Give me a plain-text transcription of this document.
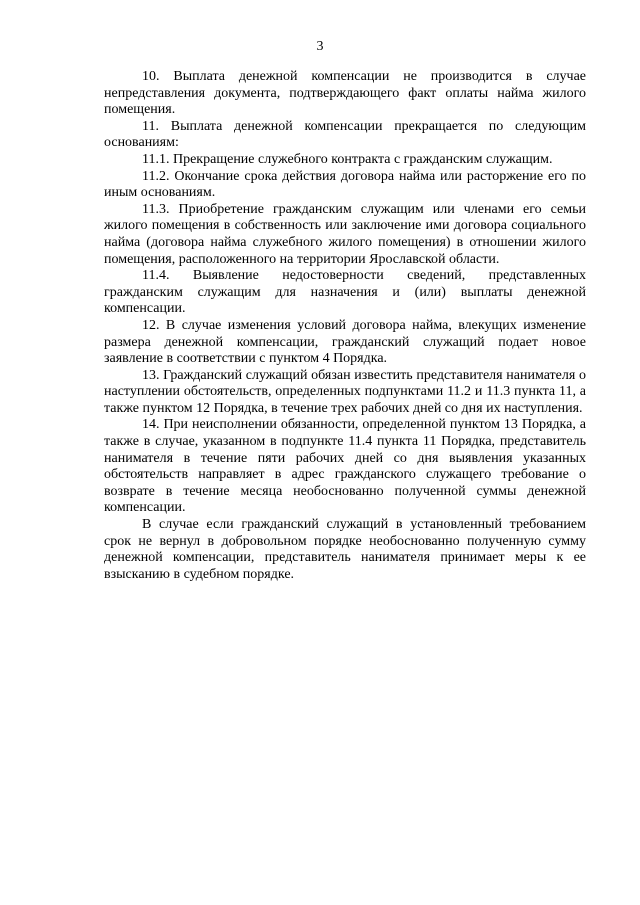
3

10. Выплата денежной компенсации не производится в случае непредставления документа, подтверждающего факт оплаты найма жилого помещения.

11. Выплата денежной компенсации прекращается по следующим основаниям:

11.1. Прекращение служебного контракта с гражданским служащим.

11.2. Окончание срока действия договора найма или расторжение его по иным основаниям.

11.3. Приобретение гражданским служащим или членами его семьи жилого помещения в собственность или заключение ими договора социального найма (договора найма служебного жилого помещения) в отношении жилого помещения, расположенного на территории Ярославской области.

11.4. Выявление недостоверности сведений, представленных гражданским служащим для назначения и (или) выплаты денежной компенсации.

12. В случае изменения условий договора найма, влекущих изменение размера денежной компенсации, гражданский служащий подает новое заявление в соответствии с пунктом 4 Порядка.

13. Гражданский служащий обязан известить представителя нанимателя о наступлении обстоятельств, определенных подпунктами 11.2 и 11.3 пункта 11, а также пунктом 12 Порядка, в течение трех рабочих дней со дня их наступления.

14. При неисполнении обязанности, определенной пунктом 13 Порядка, а также в случае, указанном в подпункте 11.4 пункта 11 Порядка, представитель нанимателя в течение пяти рабочих дней со дня выявления указанных обстоятельств направляет в адрес гражданского служащего требование о возврате в течение месяца необоснованно полученной суммы денежной компенсации.

В случае если гражданский служащий в установленный требованием срок не вернул в добровольном порядке необоснованно полученную сумму денежной компенсации, представитель нанимателя принимает меры к ее взысканию в судебном порядке.
